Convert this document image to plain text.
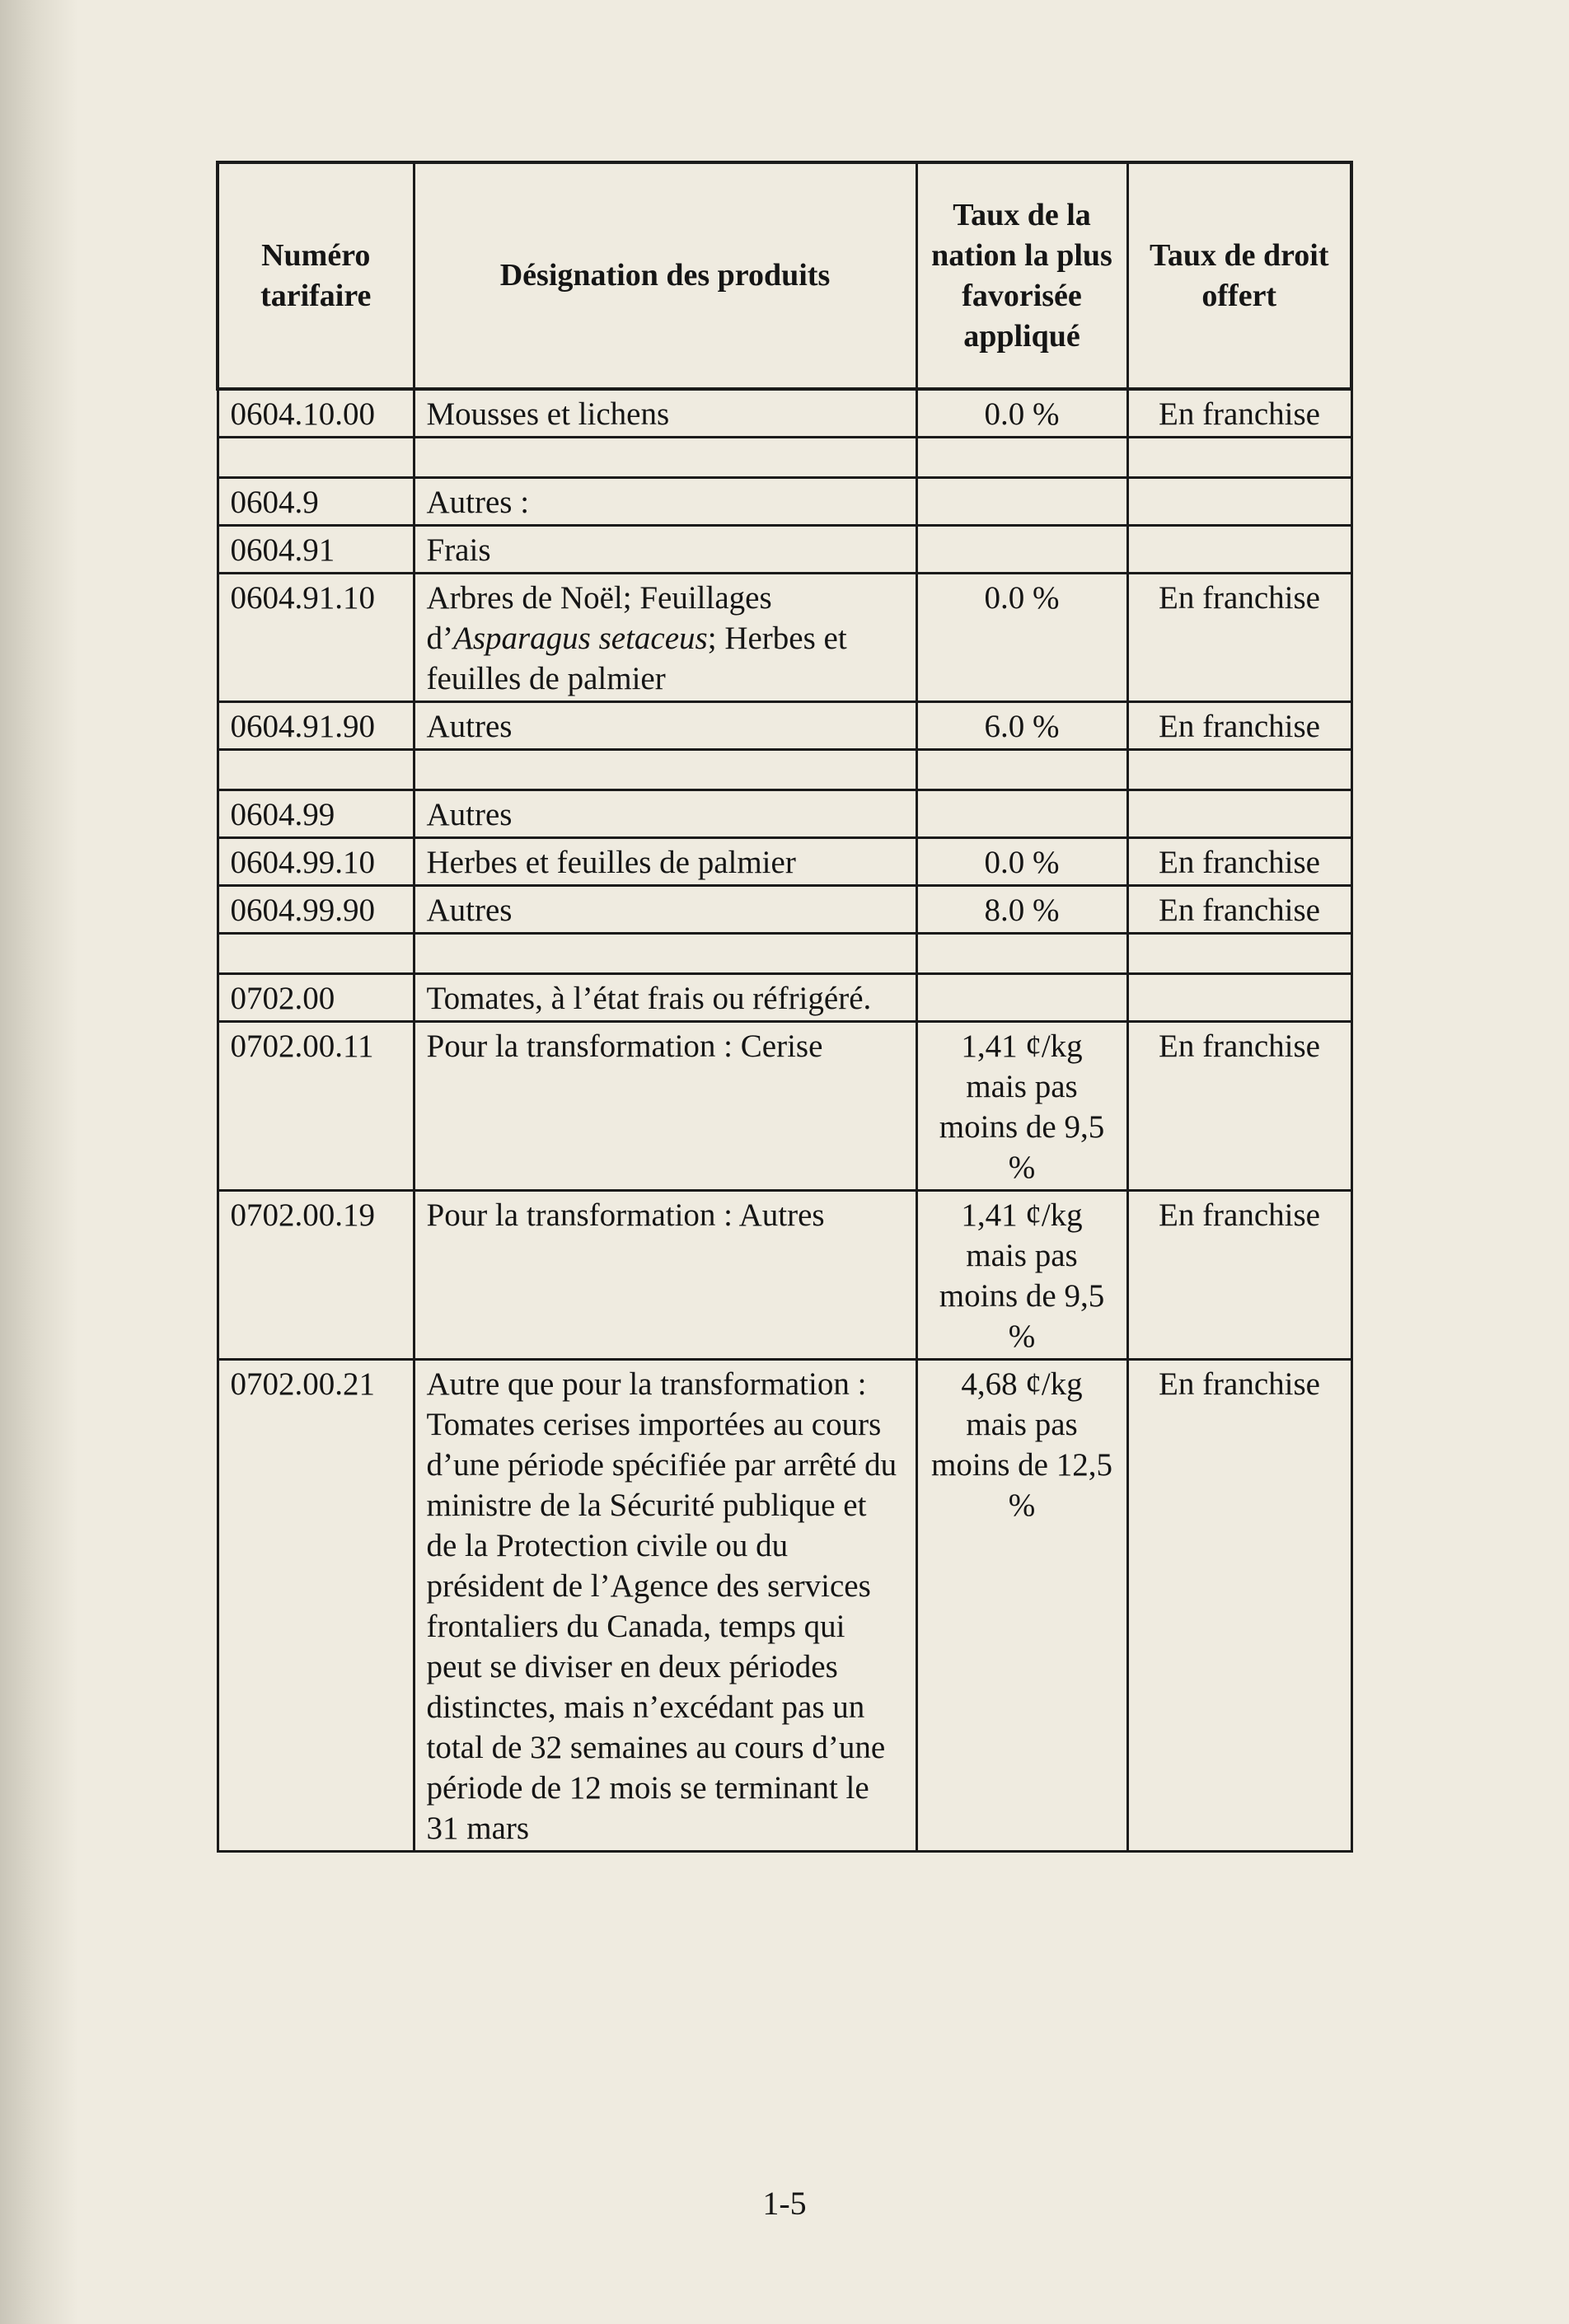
Numéro tarifaire	Désignation des produits	Taux de la nation la plus favorisée appliqué	Taux de droit offert
0604.10.00	Mousses et lichens	0.0 %	En franchise

0604.9	Autres :		
0604.91	Frais		
0604.91.10	Arbres de Noël; Feuillages d’Asparagus setaceus; Herbes et feuilles de palmier	0.0 %	En franchise
0604.91.90	Autres	6.0 %	En franchise

0604.99	Autres		
0604.99.10	Herbes et feuilles de palmier	0.0 %	En franchise
0604.99.90	Autres	8.0 %	En franchise

0702.00	Tomates, à l’état frais ou réfrigéré.		
0702.00.11	Pour la transformation : Cerise	1,41 ¢/kg mais pas moins de 9,5 %	En franchise
0702.00.19	Pour la transformation : Autres	1,41 ¢/kg mais pas moins de 9,5 %	En franchise
0702.00.21	Autre que pour la transformation : Tomates cerises importées au cours d’une période spécifiée par arrêté du ministre de la Sécurité publique et de la Protection civile ou du président de l’Agence des services frontaliers du Canada, temps qui peut se diviser en deux périodes distinctes, mais n’excédant pas un total de 32 semaines au cours d’une période de 12 mois se terminant le 31 mars	4,68 ¢/kg mais pas moins de 12,5 %	En franchise
1-5
